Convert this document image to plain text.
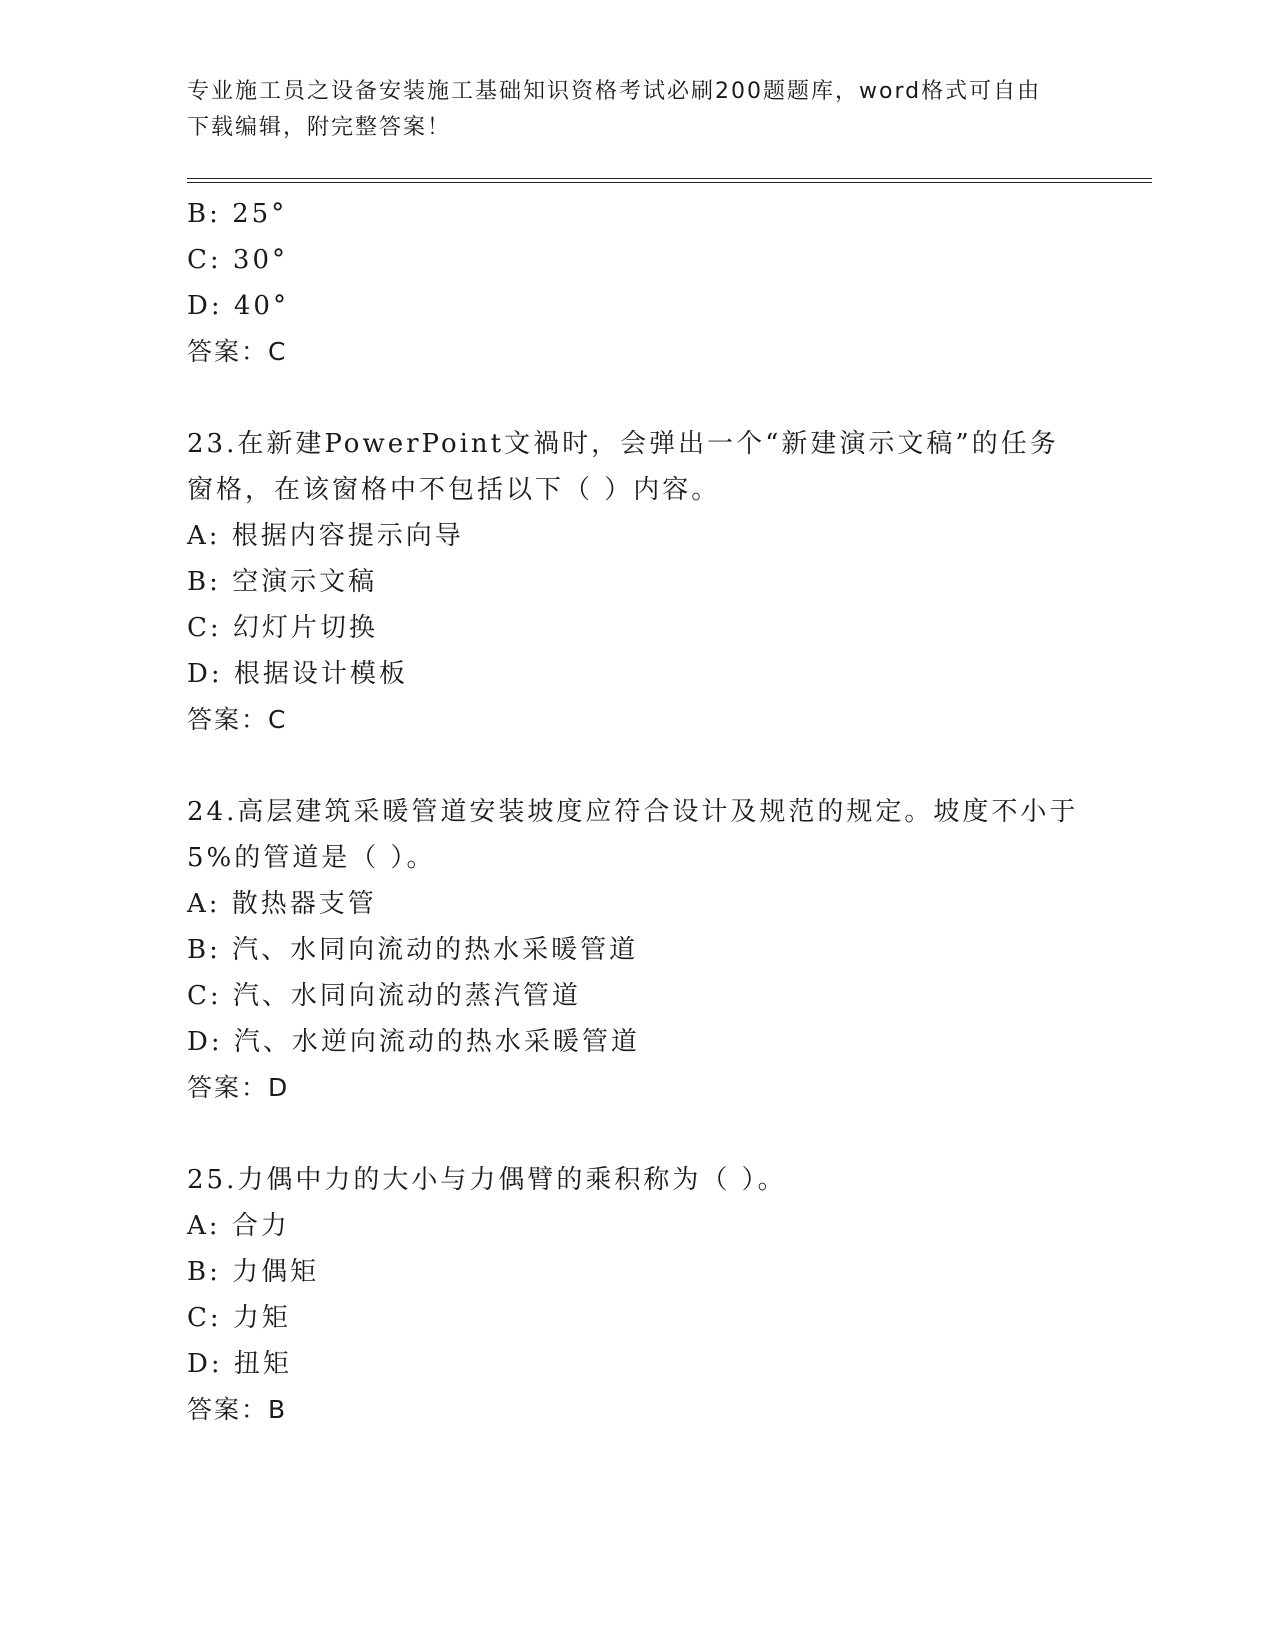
专业施工员之设备安装施工基础知识资格考试必刷200题题库，word格式可自由
下载编辑，附完整答案！
B: 25°
C: 30°
D: 40°
答案：C
23.在新建PowerPoint文禍时，会弹出一个“新建演示文稿”的任务
窗格，在该窗格中不包括以下（ ）内容。
A: 根据内容提示向导
B: 空演示文稿
C: 幻灯片切换
D: 根据设计模板
答案：C
24.高层建筑采暖管道安装坡度应符合设计及规范的规定。坡度不小于
5%的管道是（ ）。
A: 散热器支管
B: 汽、水同向流动的热水采暖管道
C: 汽、水同向流动的蒸汽管道
D: 汽、水逆向流动的热水采暖管道
答案：D
25.力偶中力的大小与力偶臂的乘积称为（ ）。
A: 合力
B: 力偶矩
C: 力矩
D: 扭矩
答案：B
